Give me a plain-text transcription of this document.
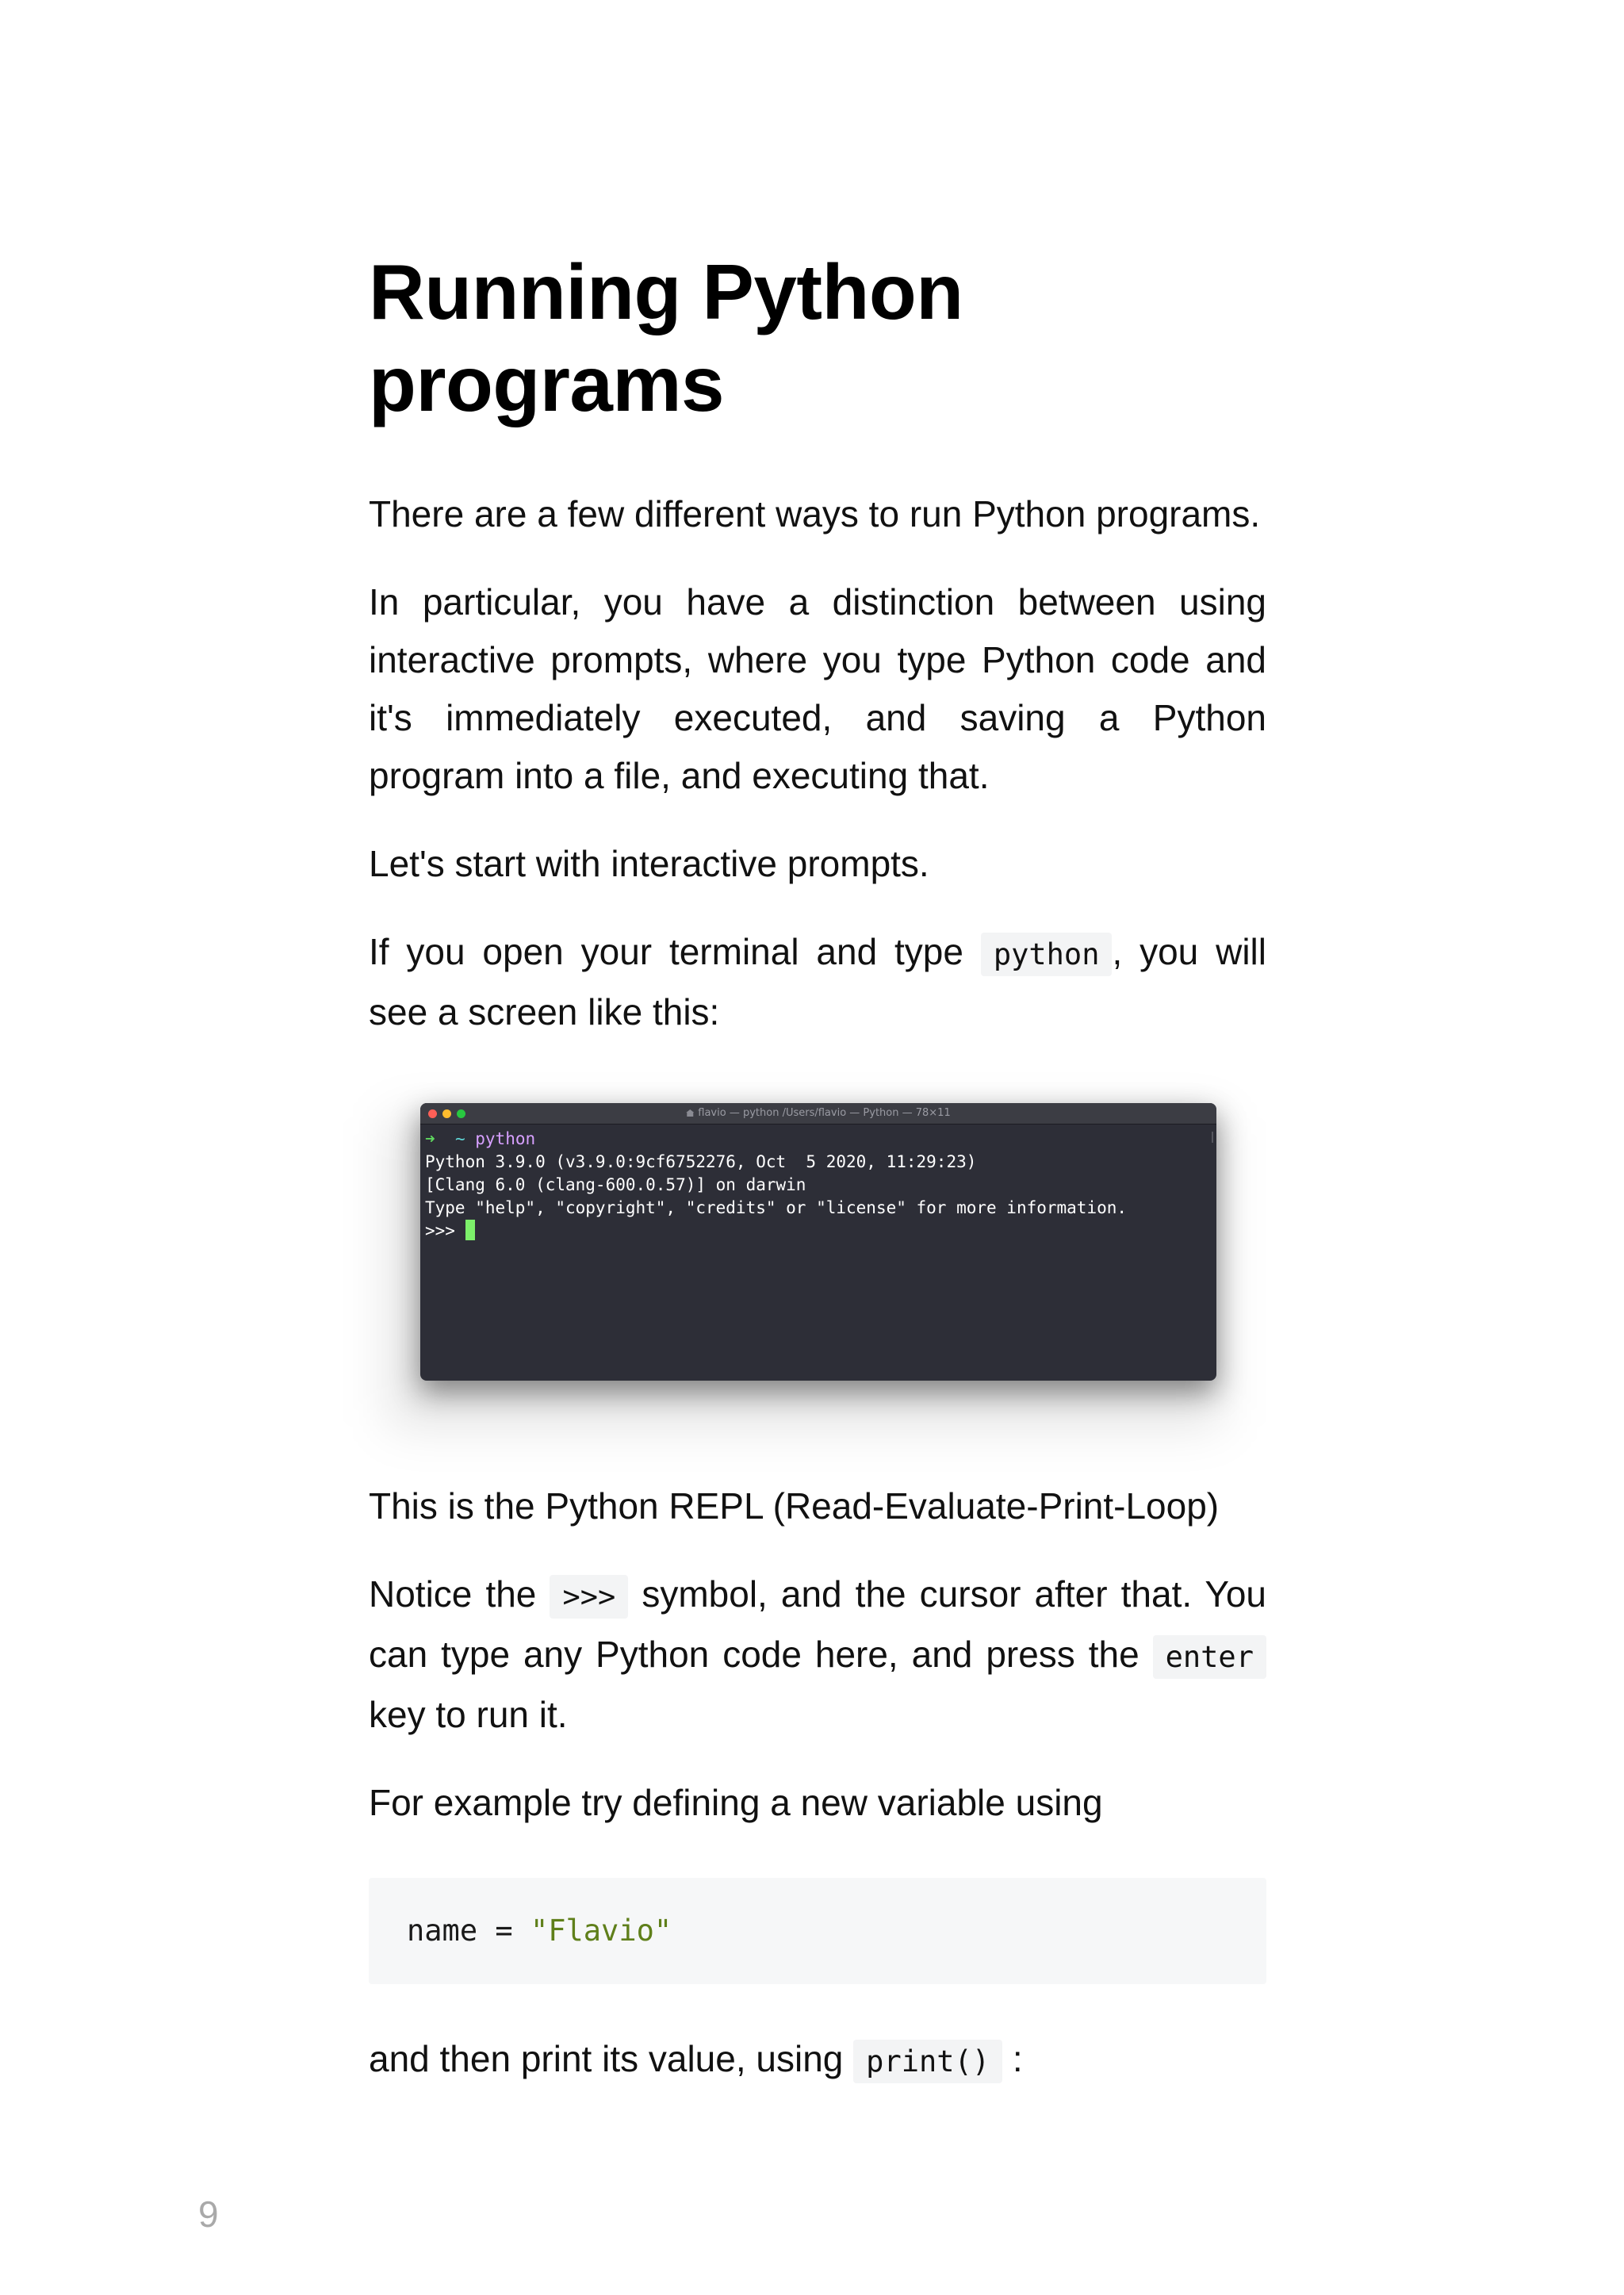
Running Python programs

There are a few different ways to run Python programs.

In particular, you have a distinction between using interactive prompts, where you type Python code and it's immediately executed, and saving a Python program into a file, and executing that.

Let's start with interactive prompts.

If you open your terminal and type python , you will see a screen like this:

flavio — python /Users/flavio — Python — 78×11
➜ ~ python
Python 3.9.0 (v3.9.0:9cf6752276, Oct  5 2020, 11:29:23)
[Clang 6.0 (clang-600.0.57)] on darwin
Type "help", "copyright", "credits" or "license" for more information.
>>>

This is the Python REPL (Read-Evaluate-Print-Loop)

Notice the >>> symbol, and the cursor after that. You can type any Python code here, and press the enter key to run it.

For example try defining a new variable using

name = "Flavio"

and then print its value, using print() :

9
